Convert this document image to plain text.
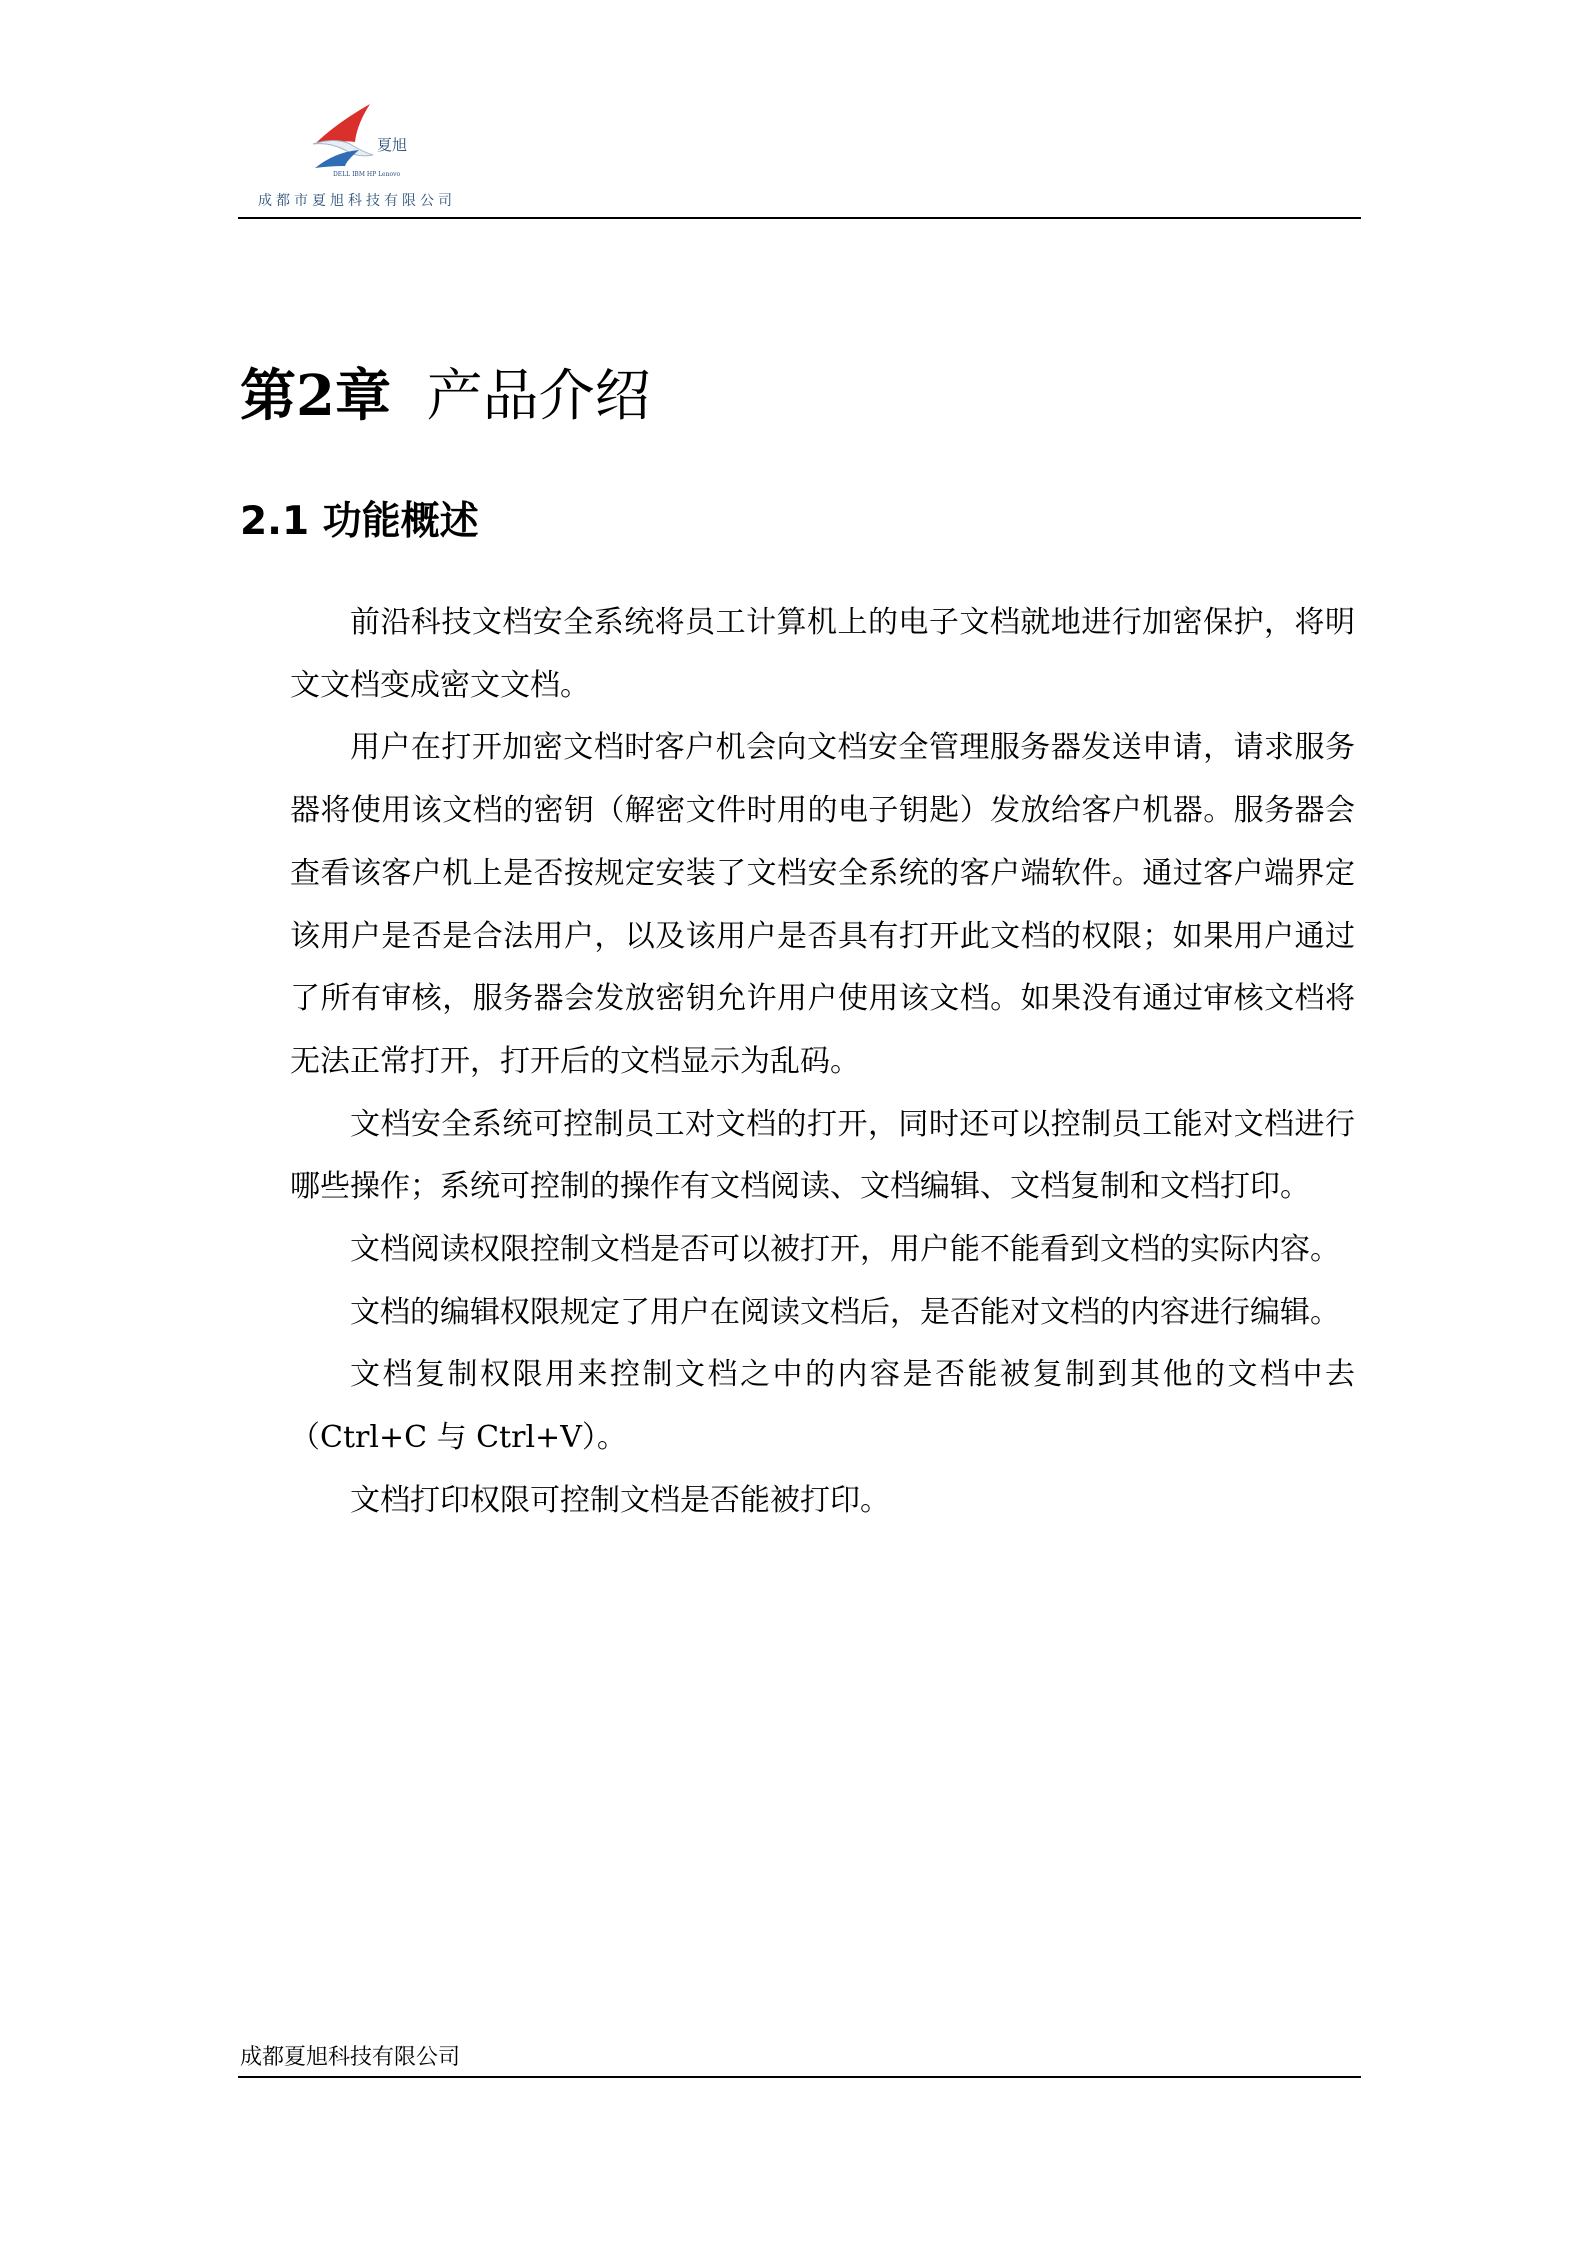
夏旭
DELL IBM HP Lenovo
成都市夏旭科技有限公司
第2章 产品介绍
2.1 功能概述

前沿科技文档安全系统将员工计算机上的电子文档就地进行加密保护，将明文文档变成密文文档。

用户在打开加密文档时客户机会向文档安全管理服务器发送申请，请求服务器将使用该文档的密钥（解密文件时用的电子钥匙）发放给客户机器。服务器会查看该客户机上是否按规定安装了文档安全系统的客户端软件。通过客户端界定该用户是否是合法用户，以及该用户是否具有打开此文档的权限；如果用户通过了所有审核，服务器会发放密钥允许用户使用该文档。如果没有通过审核文档将无法正常打开，打开后的文档显示为乱码。

文档安全系统可控制员工对文档的打开，同时还可以控制员工能对文档进行哪些操作；系统可控制的操作有文档阅读、文档编辑、文档复制和文档打印。

文档阅读权限控制文档是否可以被打开，用户能不能看到文档的实际内容。

文档的编辑权限规定了用户在阅读文档后，是否能对文档的内容进行编辑。

文档复制权限用来控制文档之中的内容是否能被复制到其他的文档中去（Ctrl+C 与 Ctrl+V）。

文档打印权限可控制文档是否能被打印。

成都夏旭科技有限公司
